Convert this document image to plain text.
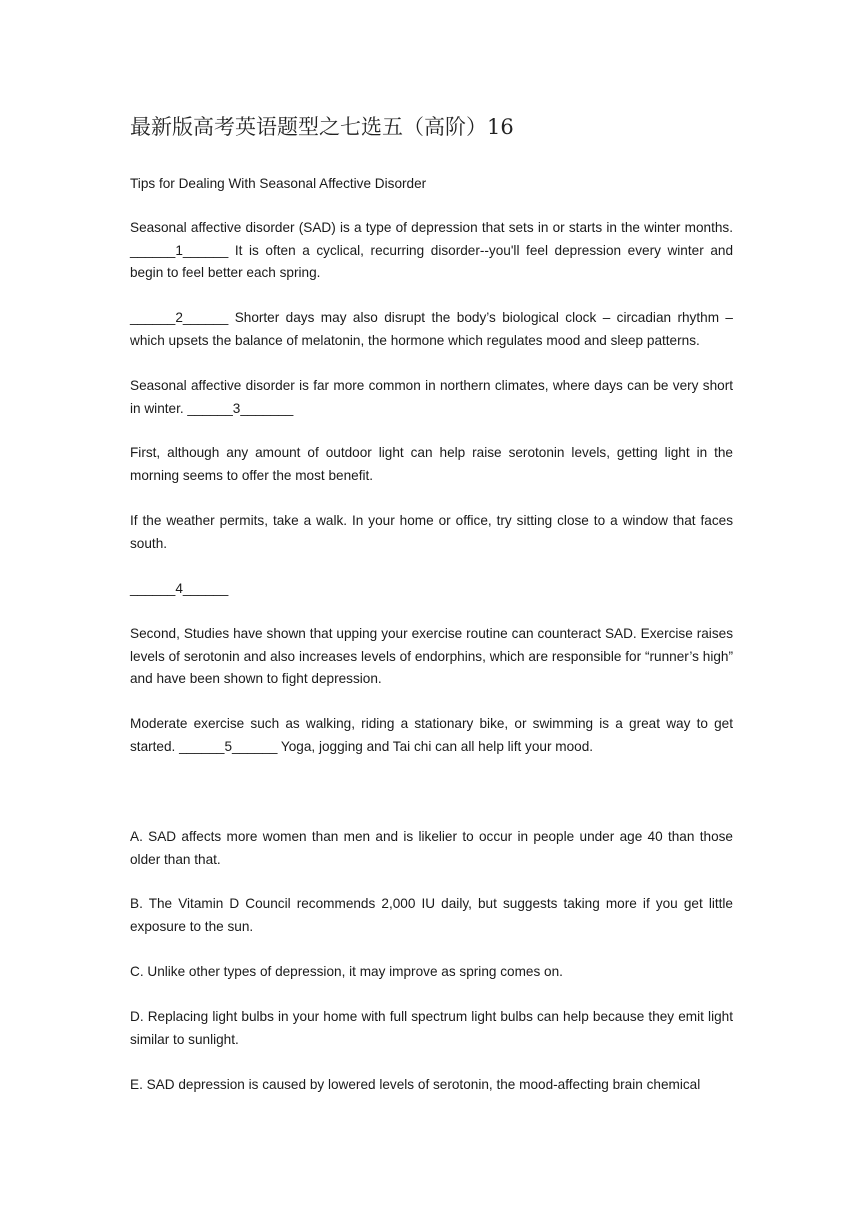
最新版高考英语题型之七选五（高阶）16

Tips for Dealing With Seasonal Affective Disorder

Seasonal affective disorder (SAD) is a type of depression that sets in or starts in the winter months. ______1______ It is often a cyclical, recurring disorder--you'll feel depression every winter and begin to feel better each spring.

______2______ Shorter days may also disrupt the body’s biological clock – circadian rhythm – which upsets the balance of melatonin, the hormone which regulates mood and sleep patterns.

Seasonal affective disorder is far more common in northern climates, where days can be very short in winter. ______3_______

First, although any amount of outdoor light can help raise serotonin levels, getting light in the morning seems to offer the most benefit.

If the weather permits, take a walk. In your home or office, try sitting close to a window that faces south.

______4______

Second, Studies have shown that upping your exercise routine can counteract SAD. Exercise raises levels of serotonin and also increases levels of endorphins, which are responsible for “runner’s high” and have been shown to fight depression.

Moderate exercise such as walking, riding a stationary bike, or swimming is a great way to get started. ______5______ Yoga, jogging and Tai chi can all help lift your mood.

A. SAD affects more women than men and is likelier to occur in people under age 40 than those older than that.

B. The Vitamin D Council recommends 2,000 IU daily, but suggests taking more if you get little exposure to the sun.

C. Unlike other types of depression, it may improve as spring comes on.

D. Replacing light bulbs in your home with full spectrum light bulbs can help because they emit light similar to sunlight.

E. SAD depression is caused by lowered levels of serotonin, the mood-affecting brain chemical
